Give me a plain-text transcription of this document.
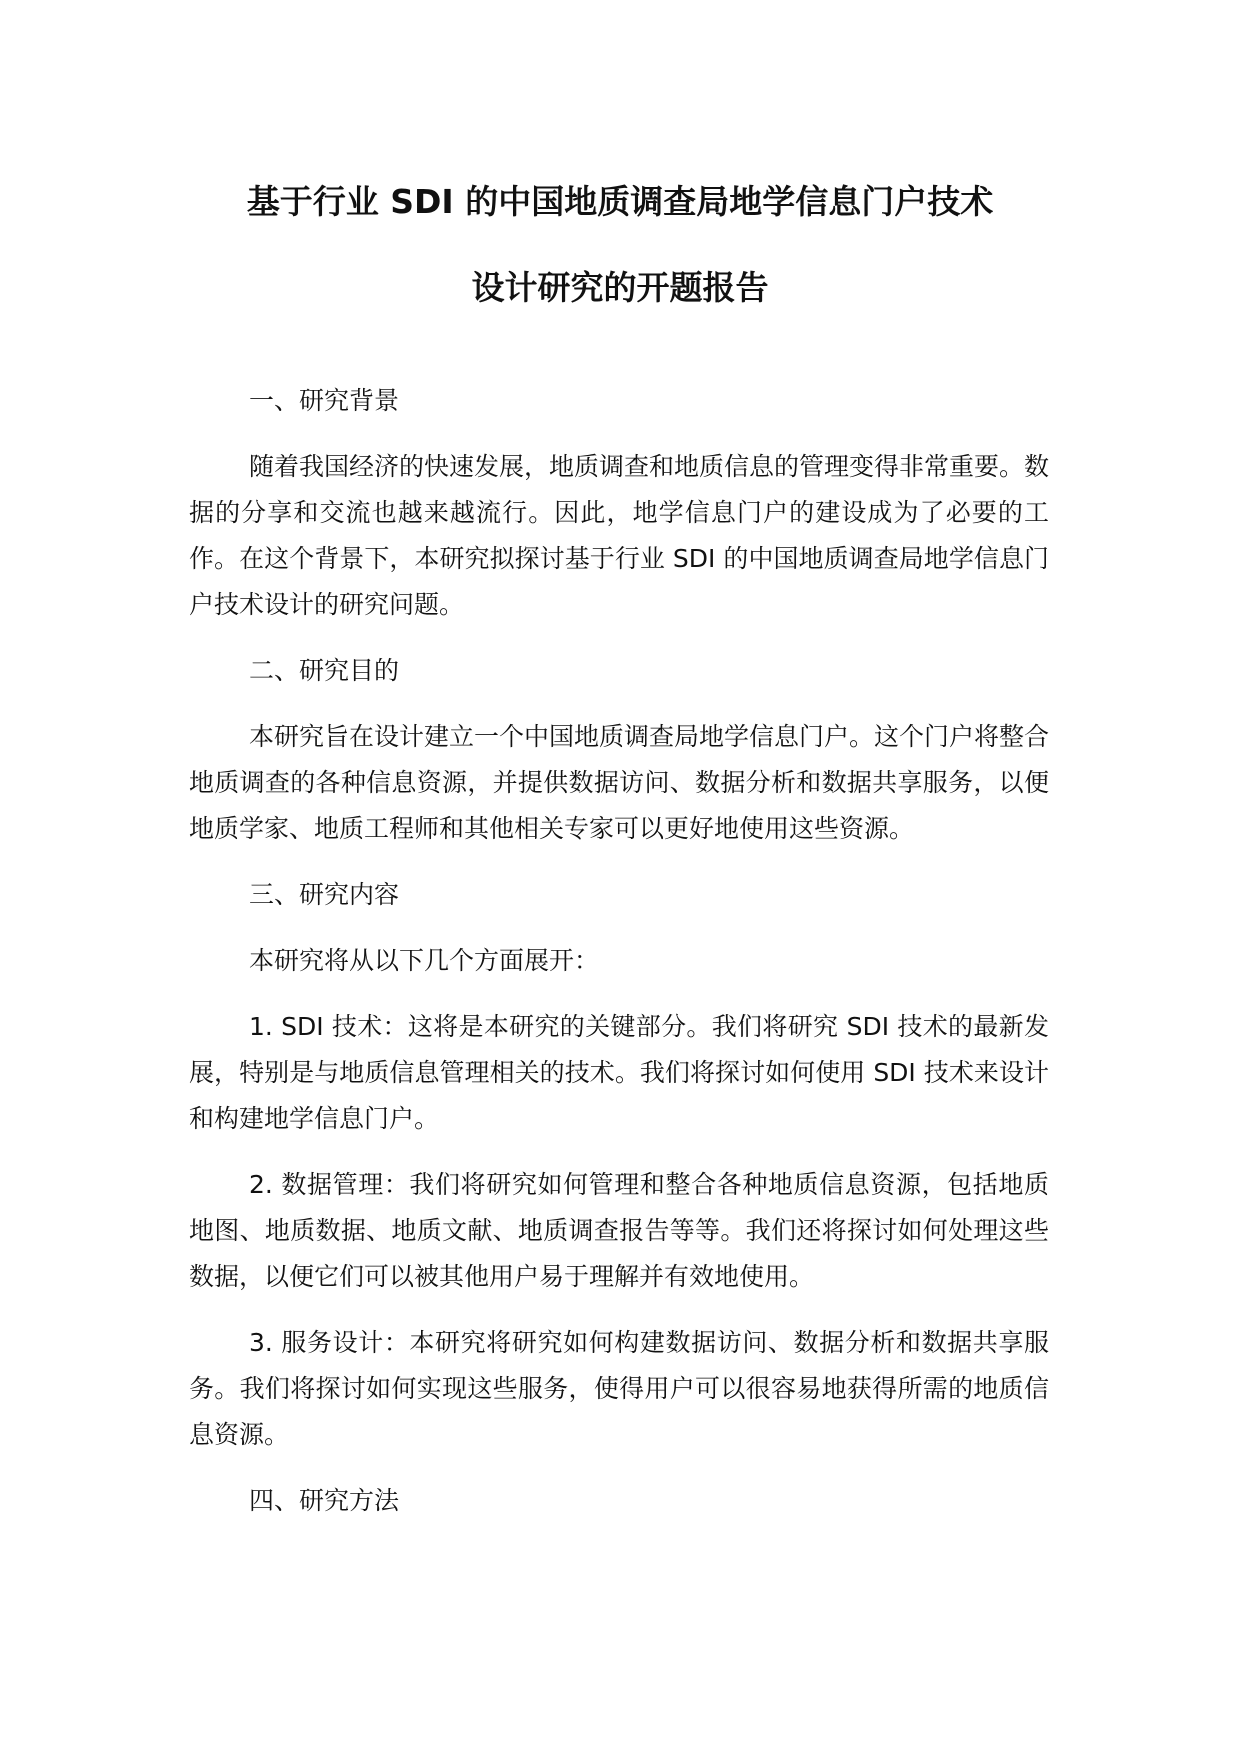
基于行业 SDI 的中国地质调查局地学信息门户技术
设计研究的开题报告
一、研究背景

随着我国经济的快速发展，地质调查和地质信息的管理变得非常重要。数据的分享和交流也越来越流行。因此，地学信息门户的建设成为了必要的工作。在这个背景下，本研究拟探讨基于行业 SDI 的中国地质调查局地学信息门户技术设计的研究问题。

二、研究目的

本研究旨在设计建立一个中国地质调查局地学信息门户。这个门户将整合地质调查的各种信息资源，并提供数据访问、数据分析和数据共享服务，以便地质学家、地质工程师和其他相关专家可以更好地使用这些资源。

三、研究内容

本研究将从以下几个方面展开：

1. SDI 技术：这将是本研究的关键部分。我们将研究 SDI 技术的最新发展，特别是与地质信息管理相关的技术。我们将探讨如何使用 SDI 技术来设计和构建地学信息门户。

2. 数据管理：我们将研究如何管理和整合各种地质信息资源，包括地质地图、地质数据、地质文献、地质调查报告等等。我们还将探讨如何处理这些数据，以便它们可以被其他用户易于理解并有效地使用。

3. 服务设计：本研究将研究如何构建数据访问、数据分析和数据共享服务。我们将探讨如何实现这些服务，使得用户可以很容易地获得所需的地质信息资源。

四、研究方法
